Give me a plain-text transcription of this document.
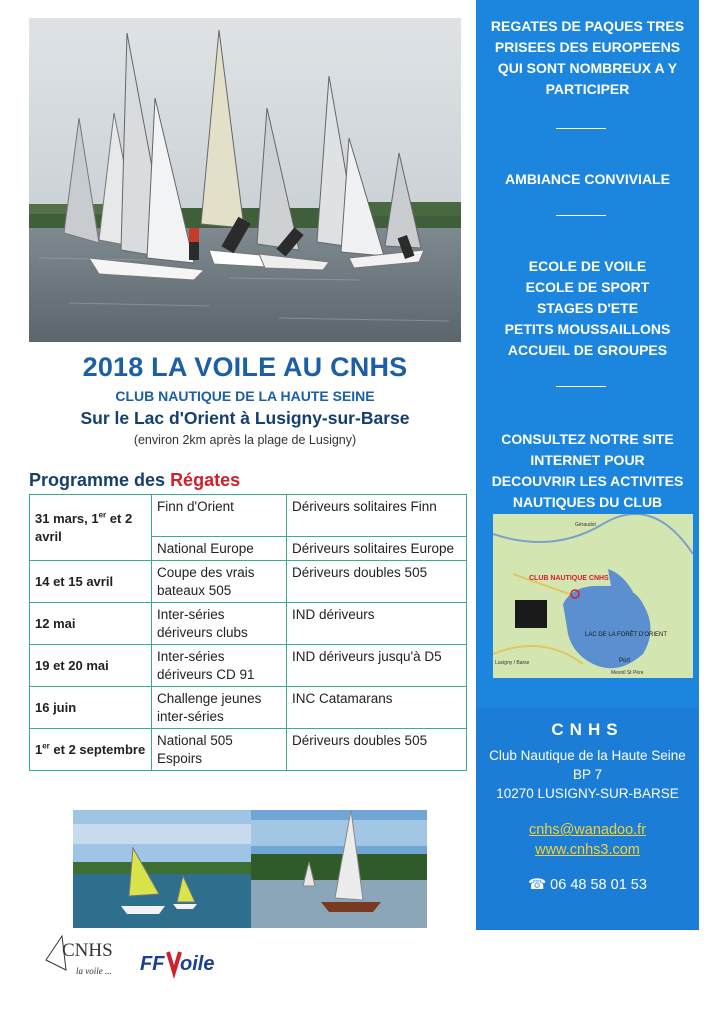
2018 LA VOILE AU CNHS
CLUB NAUTIQUE DE LA HAUTE SEINE
Sur le Lac d'Orient à Lusigny-sur-Barse
(environ 2km après la plage de Lusigny)
Programme des Régates
31 mars, 1er et 2 avril	Finn d'Orient	Dériveurs solitaires Finn
	National Europe	Dériveurs solitaires Europe
14 et 15 avril	Coupe des vrais bateaux 505	Dériveurs doubles 505
12 mai	Inter-séries dériveurs clubs	IND dériveurs
19 et 20 mai	Inter-séries dériveurs CD 91	IND dériveurs jusqu'à D5
16 juin	Challenge jeunes inter-séries	INC Catamarans
1er et 2 septembre	National 505 Espoirs	Dériveurs doubles 505
CNHS
la voile ... FF oile
REGATES DE PAQUES TRES PRISEES DES EUROPEENS QUI SONT NOMBREUX A Y PARTICIPER
AMBIANCE CONVIVIALE
ECOLE DE VOILE
ECOLE DE SPORT
STAGES D'ETE
PETITS MOUSSAILLONS
ACCUEIL DE GROUPES
CONSULTEZ NOTRE SITE INTERNET POUR DECOUVRIR LES ACTIVITES NAUTIQUES DU CLUB
CLUB NAUTIQUE CNHS
LAC DE LA FORÊT D'ORIENT
Port
Géraudot
Lusigny / Barse
Mesnil St Père
CNHS
Club Nautique de la Haute Seine
BP 7
10270 LUSIGNY-SUR-BARSE
cnhs@wanadoo.fr
www.cnhs3.com
☎ 06 48 58 01 53
